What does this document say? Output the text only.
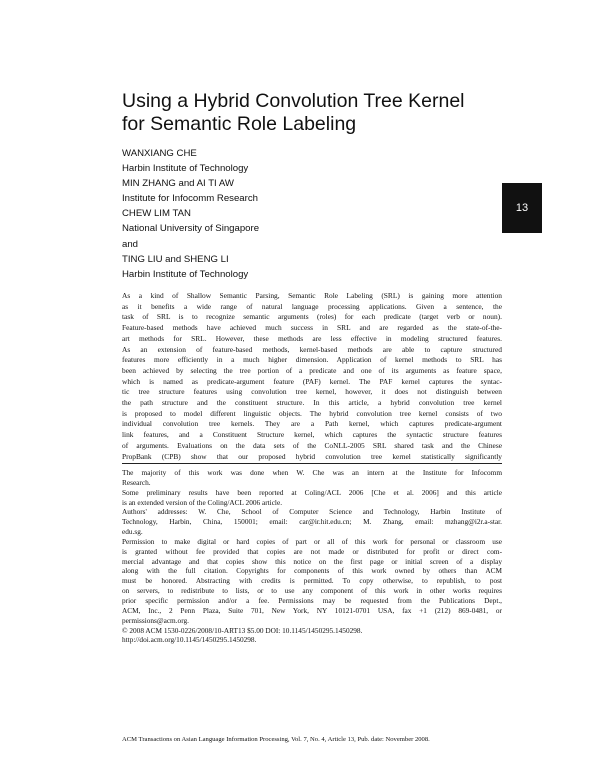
Using a Hybrid Convolution Tree Kernel
for Semantic Role Labeling
WANXIANG CHE
Harbin Institute of Technology
MIN ZHANG and AI TI AW
Institute for Infocomm Research
CHEW LIM TAN
National University of Singapore
and
TING LIU and SHENG LI
Harbin Institute of Technology
13
As a kind of Shallow Semantic Parsing, Semantic Role Labeling (SRL) is gaining more attention
as it benefits a wide range of natural language processing applications. Given a sentence, the
task of SRL is to recognize semantic arguments (roles) for each predicate (target verb or noun).
Feature-based methods have achieved much success in SRL and are regarded as the state-of-the-
art methods for SRL. However, these methods are less effective in modeling structured features.
As an extension of feature-based methods, kernel-based methods are able to capture structured
features more efficiently in a much higher dimension. Application of kernel methods to SRL has
been achieved by selecting the tree portion of a predicate and one of its arguments as feature space,
which is named as predicate-argument feature (PAF) kernel. The PAF kernel captures the syntac-
tic tree structure features using convolution tree kernel, however, it does not distinguish between
the path structure and the constituent structure. In this article, a hybrid convolution tree kernel
is proposed to model different linguistic objects. The hybrid convolution tree kernel consists of two
individual convolution tree kernels. They are a Path kernel, which captures predicate-argument
link features, and a Constituent Structure kernel, which captures the syntactic structure features
of arguments. Evaluations on the data sets of the CoNLL-2005 SRL shared task and the Chinese
PropBank (CPB) show that our proposed hybrid convolution tree kernel statistically significantly
The majority of this work was done when W. Che was an intern at the Institute for Infocomm
Research.
Some preliminary results have been reported at Coling/ACL 2006 [Che et al. 2006] and this article
is an extended version of the Coling/ACL 2006 article.
Authors' addresses: W. Che, School of Computer Science and Technology, Harbin Institute of
Technology, Harbin, China, 150001; email: car@ir.hit.edu.cn; M. Zhang, email: mzhang@i2r.a-star.
edu.sg.
Permission to make digital or hard copies of part or all of this work for personal or classroom use
is granted without fee provided that copies are not made or distributed for profit or direct com-
mercial advantage and that copies show this notice on the first page or initial screen of a display
along with the full citation. Copyrights for components of this work owned by others than ACM
must be honored. Abstracting with credits is permitted. To copy otherwise, to republish, to post
on servers, to redistribute to lists, or to use any component of this work in other works requires
prior specific permission and/or a fee. Permissions may be requested from the Publications Dept.,
ACM, Inc., 2 Penn Plaza, Suite 701, New York, NY 10121-0701 USA, fax +1 (212) 869-0481, or
permissions@acm.org.
© 2008 ACM 1530-0226/2008/10-ART13 $5.00 DOI: 10.1145/1450295.1450298.
http://doi.acm.org/10.1145/1450295.1450298.
ACM Transactions on Asian Language Information Processing, Vol. 7, No. 4, Article 13, Pub. date: November 2008.
